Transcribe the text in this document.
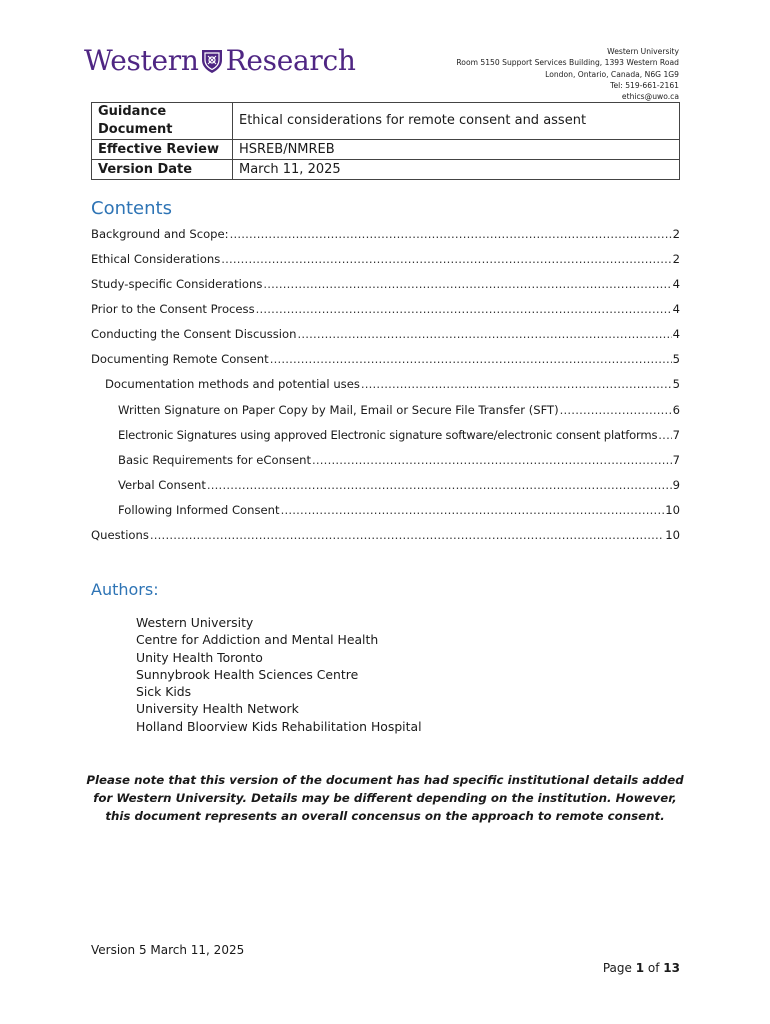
Western Research	Western University
Room 5150 Support Services Building, 1393 Western Road
London, Ontario, Canada, N6G 1G9
Tel: 519-661-2161
ethics@uwo.ca
Guidance Document	Ethical considerations for remote consent and assent
Effective Review	HSREB/NMREB
Version Date	March 11, 2025
Contents
Background and Scope: .....	2
Ethical Considerations .....	2
Study-specific Considerations .....	4
Prior to the Consent Process .....	4
Conducting the Consent Discussion .....	4
Documenting Remote Consent .....	5
Documentation methods and potential uses .....	5
Written Signature on Paper Copy by Mail, Email or Secure File Transfer (SFT) .....	6
Electronic Signatures using approved Electronic signature software/electronic consent platforms ..... 7
Basic Requirements for eConsent .....	7
Verbal Consent .....	9
Following Informed Consent .....	10
Questions .....	10
Authors:
Western University
Centre for Addiction and Mental Health
Unity Health Toronto
Sunnybrook Health Sciences Centre
Sick Kids
University Health Network
Holland Bloorview Kids Rehabilitation Hospital
Please note that this version of the document has had specific institutional details added for Western University. Details may be different depending on the institution. However, this document represents an overall concensus on the approach to remote consent.
Version 5 March 11, 2025
Page 1 of 13
